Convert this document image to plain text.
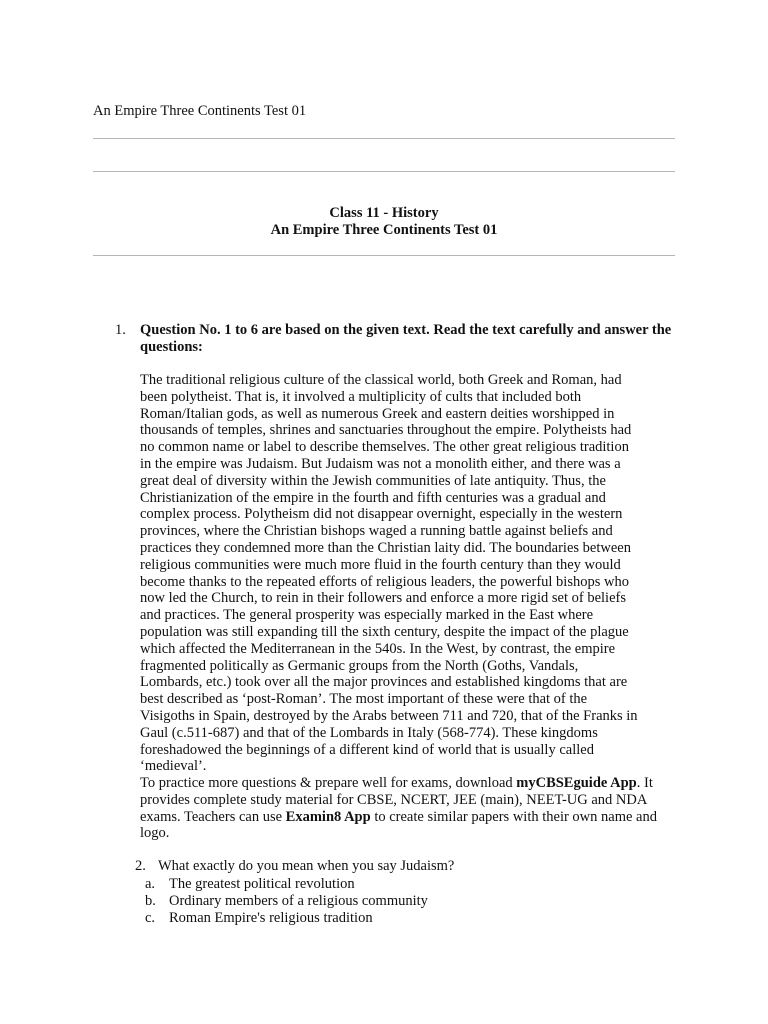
An Empire Three Continents Test 01
Class 11 - History
An Empire Three Continents Test 01
1. Question No. 1 to 6 are based on the given text. Read the text carefully and answer the questions:
The traditional religious culture of the classical world, both Greek and Roman, had
been polytheist. That is, it involved a multiplicity of cults that included both
Roman/Italian gods, as well as numerous Greek and eastern deities worshipped in
thousands of temples, shrines and sanctuaries throughout the empire. Polytheists had
no common name or label to describe themselves. The other great religious tradition
in the empire was Judaism. But Judaism was not a monolith either, and there was a
great deal of diversity within the Jewish communities of late antiquity. Thus, the
Christianization of the empire in the fourth and fifth centuries was a gradual and
complex process. Polytheism did not disappear overnight, especially in the western
provinces, where the Christian bishops waged a running battle against beliefs and
practices they condemned more than the Christian laity did. The boundaries between
religious communities were much more fluid in the fourth century than they would
become thanks to the repeated efforts of religious leaders, the powerful bishops who
now led the Church, to rein in their followers and enforce a more rigid set of beliefs
and practices. The general prosperity was especially marked in the East where
population was still expanding till the sixth century, despite the impact of the plague
which affected the Mediterranean in the 540s. In the West, by contrast, the empire
fragmented politically as Germanic groups from the North (Goths, Vandals,
Lombards, etc.) took over all the major provinces and established kingdoms that are
best described as ‘post-Roman’. The most important of these were that of the
Visigoths in Spain, destroyed by the Arabs between 711 and 720, that of the Franks in
Gaul (c.511-687) and that of the Lombards in Italy (568-774). These kingdoms
foreshadowed the beginnings of a different kind of world that is usually called
‘medieval’.
To practice more questions & prepare well for exams, download myCBSEguide App. It provides complete study material for CBSE, NCERT, JEE (main), NEET-UG and NDA exams. Teachers can use Examin8 App to create similar papers with their own name and logo.
2. What exactly do you mean when you say Judaism?
a. The greatest political revolution
b. Ordinary members of a religious community
c. Roman Empire's religious tradition
